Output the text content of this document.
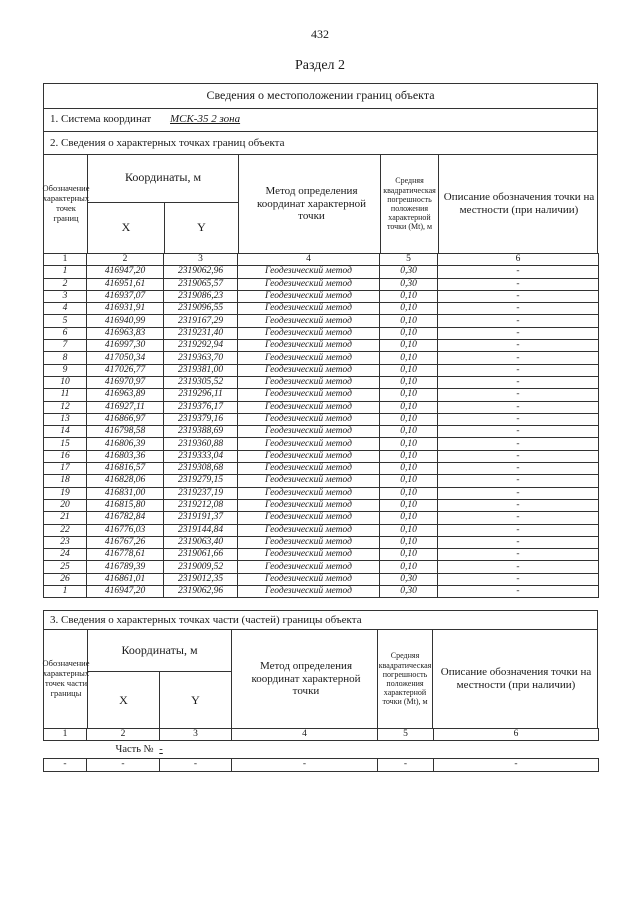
432
Раздел 2
Сведения о местоположении границ объекта
1. Система координат МСК-35 2 зона
2. Сведения о характерных точках границ объекта
Обозначение характерных точек границ
Координаты, м
X	Y
Метод определения координат характерной точки
Средняя квадратическая погрешность положения характерной точки (Mt), м
Описание обозначения точки на местности (при наличии)
1	2	3	4	5	6
1	416947,20	2319062,96	Геодезический метод	0,30	-
2	416951,61	2319065,57	Геодезический метод	0,30	-
3	416937,07	2319086,23	Геодезический метод	0,10	-
4	416931,91	2319096,55	Геодезический метод	0,10	-
5	416940,99	2319167,29	Геодезический метод	0,10	-
6	416963,83	2319231,40	Геодезический метод	0,10	-
7	416997,30	2319292,94	Геодезический метод	0,10	-
8	417050,34	2319363,70	Геодезический метод	0,10	-
9	417026,77	2319381,00	Геодезический метод	0,10	-
10	416970,97	2319305,52	Геодезический метод	0,10	-
11	416963,89	2319296,11	Геодезический метод	0,10	-
12	416927,11	2319376,17	Геодезический метод	0,10	-
13	416866,97	2319379,16	Геодезический метод	0,10	-
14	416798,58	2319388,69	Геодезический метод	0,10	-
15	416806,39	2319360,88	Геодезический метод	0,10	-
16	416803,36	2319333,04	Геодезический метод	0,10	-
17	416816,57	2319308,68	Геодезический метод	0,10	-
18	416828,06	2319279,15	Геодезический метод	0,10	-
19	416831,00	2319237,19	Геодезический метод	0,10	-
20	416815,80	2319212,08	Геодезический метод	0,10	-
21	416782,84	2319191,37	Геодезический метод	0,10	-
22	416776,03	2319144,84	Геодезический метод	0,10	-
23	416767,26	2319063,40	Геодезический метод	0,10	-
24	416778,61	2319061,66	Геодезический метод	0,10	-
25	416789,39	2319009,52	Геодезический метод	0,10	-
26	416861,01	2319012,35	Геодезический метод	0,30	-
1	416947,20	2319062,96	Геодезический метод	0,30	-
3. Сведения о характерных точках части (частей) границы объекта
Обозначение характерных точек части границы
Координаты, м
X	Y
Метод определения координат характерной точки
Средняя квадратическая погрешность положения характерной точки (Mt), м
Описание обозначения точки на местности (при наличии)
1	2	3	4	5	6
Часть № -					
-	-	-	-	-	-
